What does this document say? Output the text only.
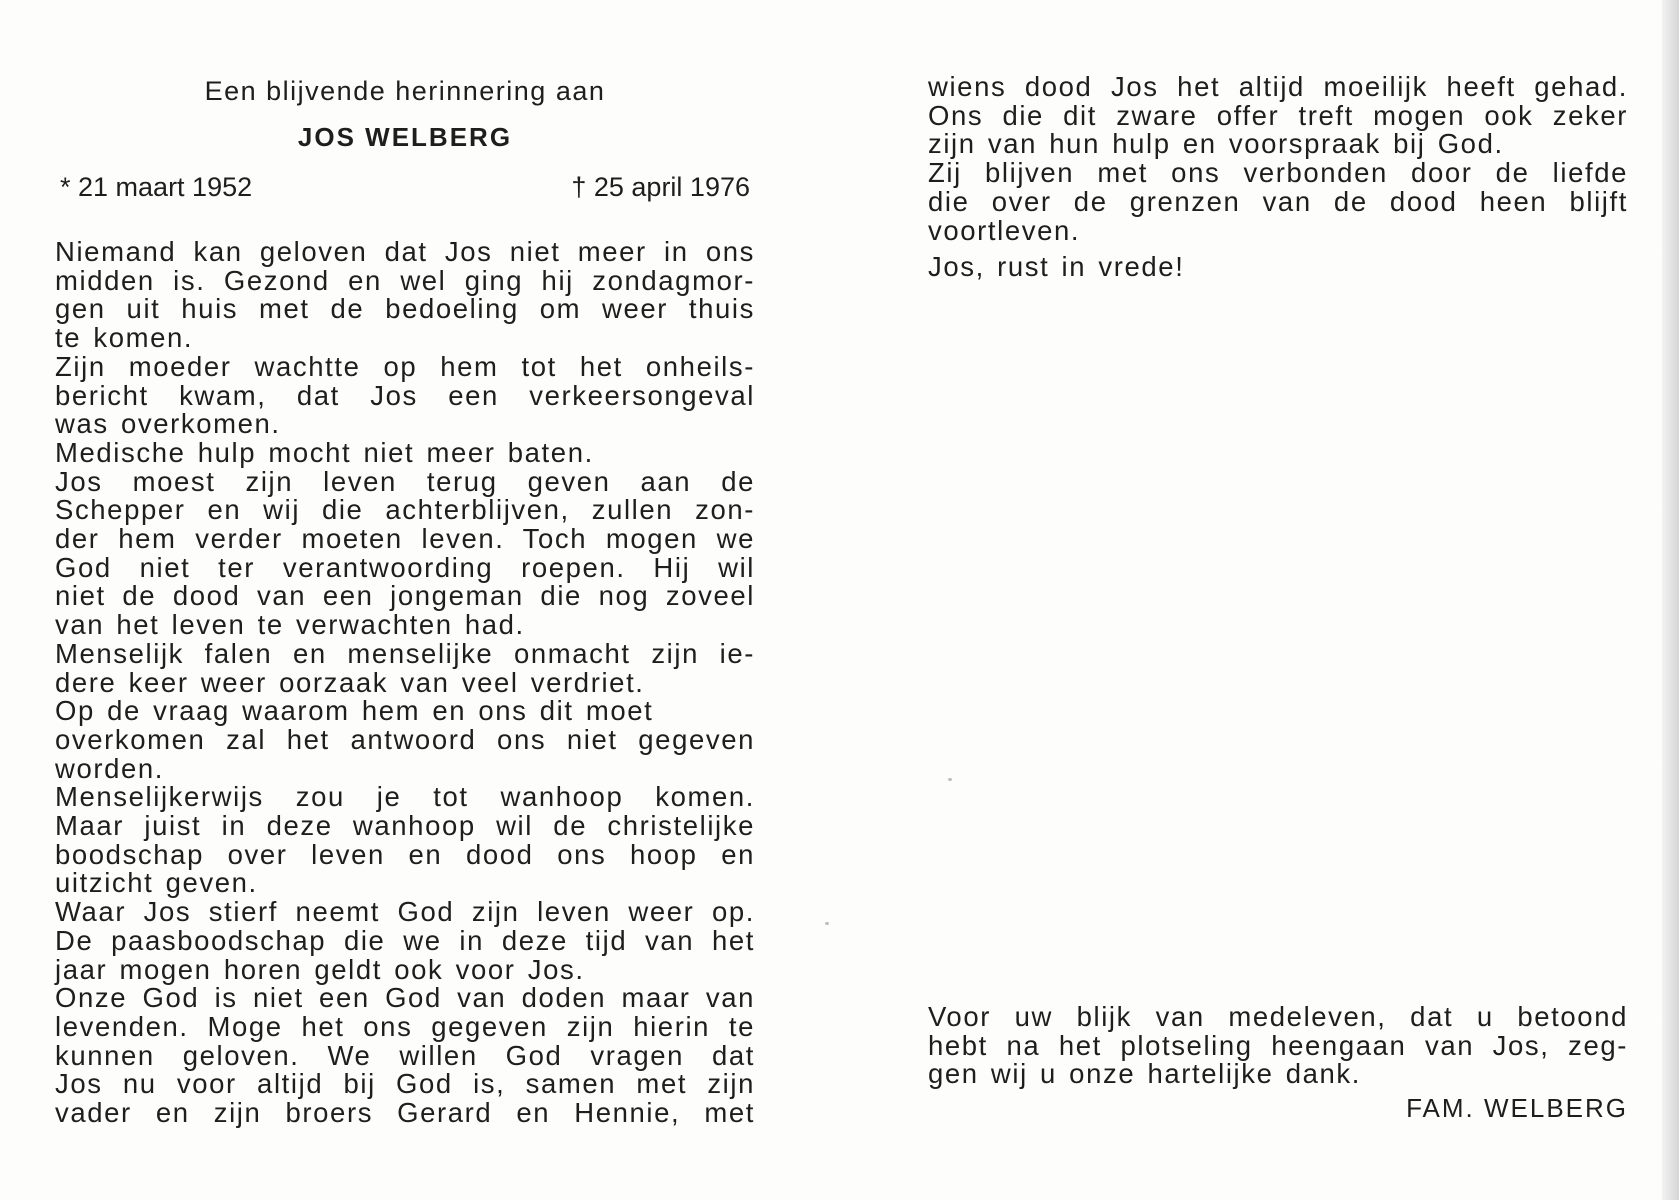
Een blijvende herinnering aan
JOS WELBERG
* 21 maart 1952	† 25 april 1976
Niemand kan geloven dat Jos niet meer in ons
midden is. Gezond en wel ging hij zondagmor-
gen uit huis met de bedoeling om weer thuis
te komen.
Zijn moeder wachtte op hem tot het onheils-
bericht kwam, dat Jos een verkeersongeval
was overkomen.
Medische hulp mocht niet meer baten.
Jos moest zijn leven terug geven aan de
Schepper en wij die achterblijven, zullen zon-
der hem verder moeten leven. Toch mogen we
God niet ter verantwoording roepen. Hij wil
niet de dood van een jongeman die nog zoveel
van het leven te verwachten had.
Menselijk falen en menselijke onmacht zijn ie-
dere keer weer oorzaak van veel verdriet.
Op de vraag waarom hem en ons dit moet
overkomen zal het antwoord ons niet gegeven
worden.
Menselijkerwijs zou je tot wanhoop komen.
Maar juist in deze wanhoop wil de christelijke
boodschap over leven en dood ons hoop en
uitzicht geven.
Waar Jos stierf neemt God zijn leven weer op.
De paasboodschap die we in deze tijd van het
jaar mogen horen geldt ook voor Jos.
Onze God is niet een God van doden maar van
levenden. Moge het ons gegeven zijn hierin te
kunnen geloven. We willen God vragen dat
Jos nu voor altijd bij God is, samen met zijn
vader en zijn broers Gerard en Hennie, met
wiens dood Jos het altijd moeilijk heeft gehad.
Ons die dit zware offer treft mogen ook zeker
zijn van hun hulp en voorspraak bij God.
Zij blijven met ons verbonden door de liefde
die over de grenzen van de dood heen blijft
voortleven.
Jos, rust in vrede!
Voor uw blijk van medeleven, dat u betoond
hebt na het plotseling heengaan van Jos, zeg-
gen wij u onze hartelijke dank.
FAM. WELBERG
